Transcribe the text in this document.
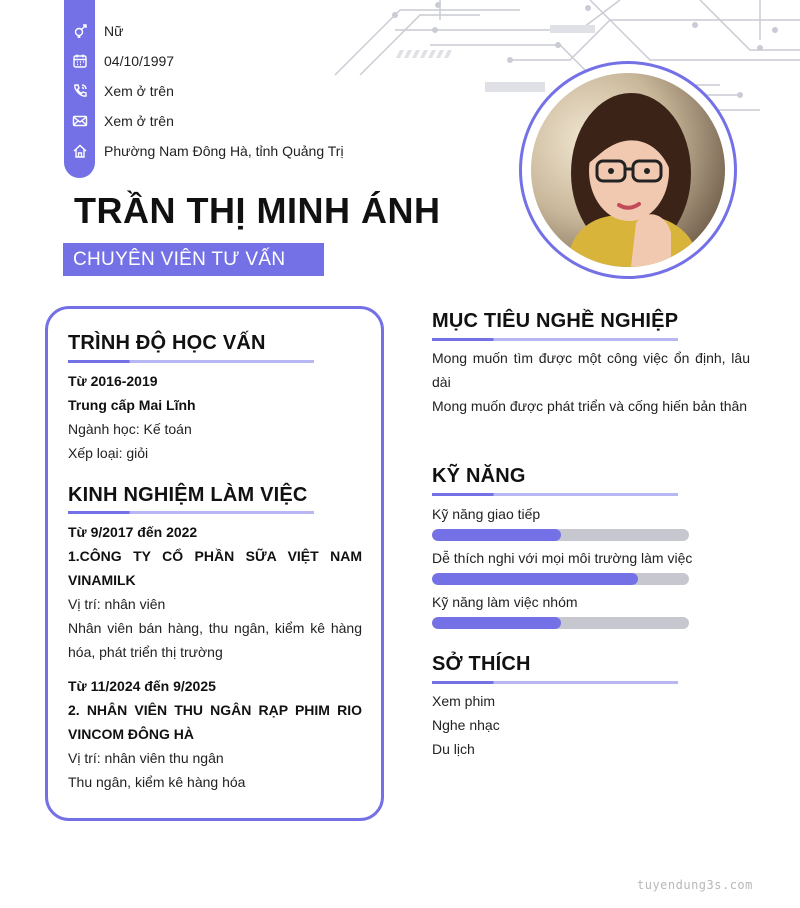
Nữ
04/10/1997
Xem ở trên
Xem ở trên
Phường Nam Đông Hà, tỉnh Quảng Trị
TRẦN THỊ MINH ÁNH
CHUYÊN VIÊN TƯ VẤN
TRÌNH ĐỘ HỌC VẤN
Từ 2016-2019
Trung cấp Mai Lĩnh
Ngành học: Kế toán
Xếp loại: giỏi
KINH NGHIỆM LÀM VIỆC
Từ 9/2017 đến 2022
1.CÔNG TY CỔ PHẦN SỮA VIỆT NAM VINAMILK
Vị trí: nhân viên
Nhân viên bán hàng, thu ngân, kiểm kê hàng hóa, phát triển thị trường
Từ 11/2024 đến 9/2025
2. NHÂN VIÊN THU NGÂN RẠP PHIM RIO VINCOM ĐÔNG HÀ
Vị trí: nhân viên thu ngân
Thu ngân, kiểm kê hàng hóa
MỤC TIÊU NGHỀ NGHIỆP
Mong muốn tìm được một công việc ổn định, lâu dài
Mong muốn được phát triển và cống hiến bản thân
KỸ NĂNG
Kỹ năng giao tiếp
Dễ thích nghi với mọi môi trường làm việc
Kỹ năng làm việc nhóm
SỞ THÍCH
Xem phim
Nghe nhạc
Du lịch
tuyendung3s.com
